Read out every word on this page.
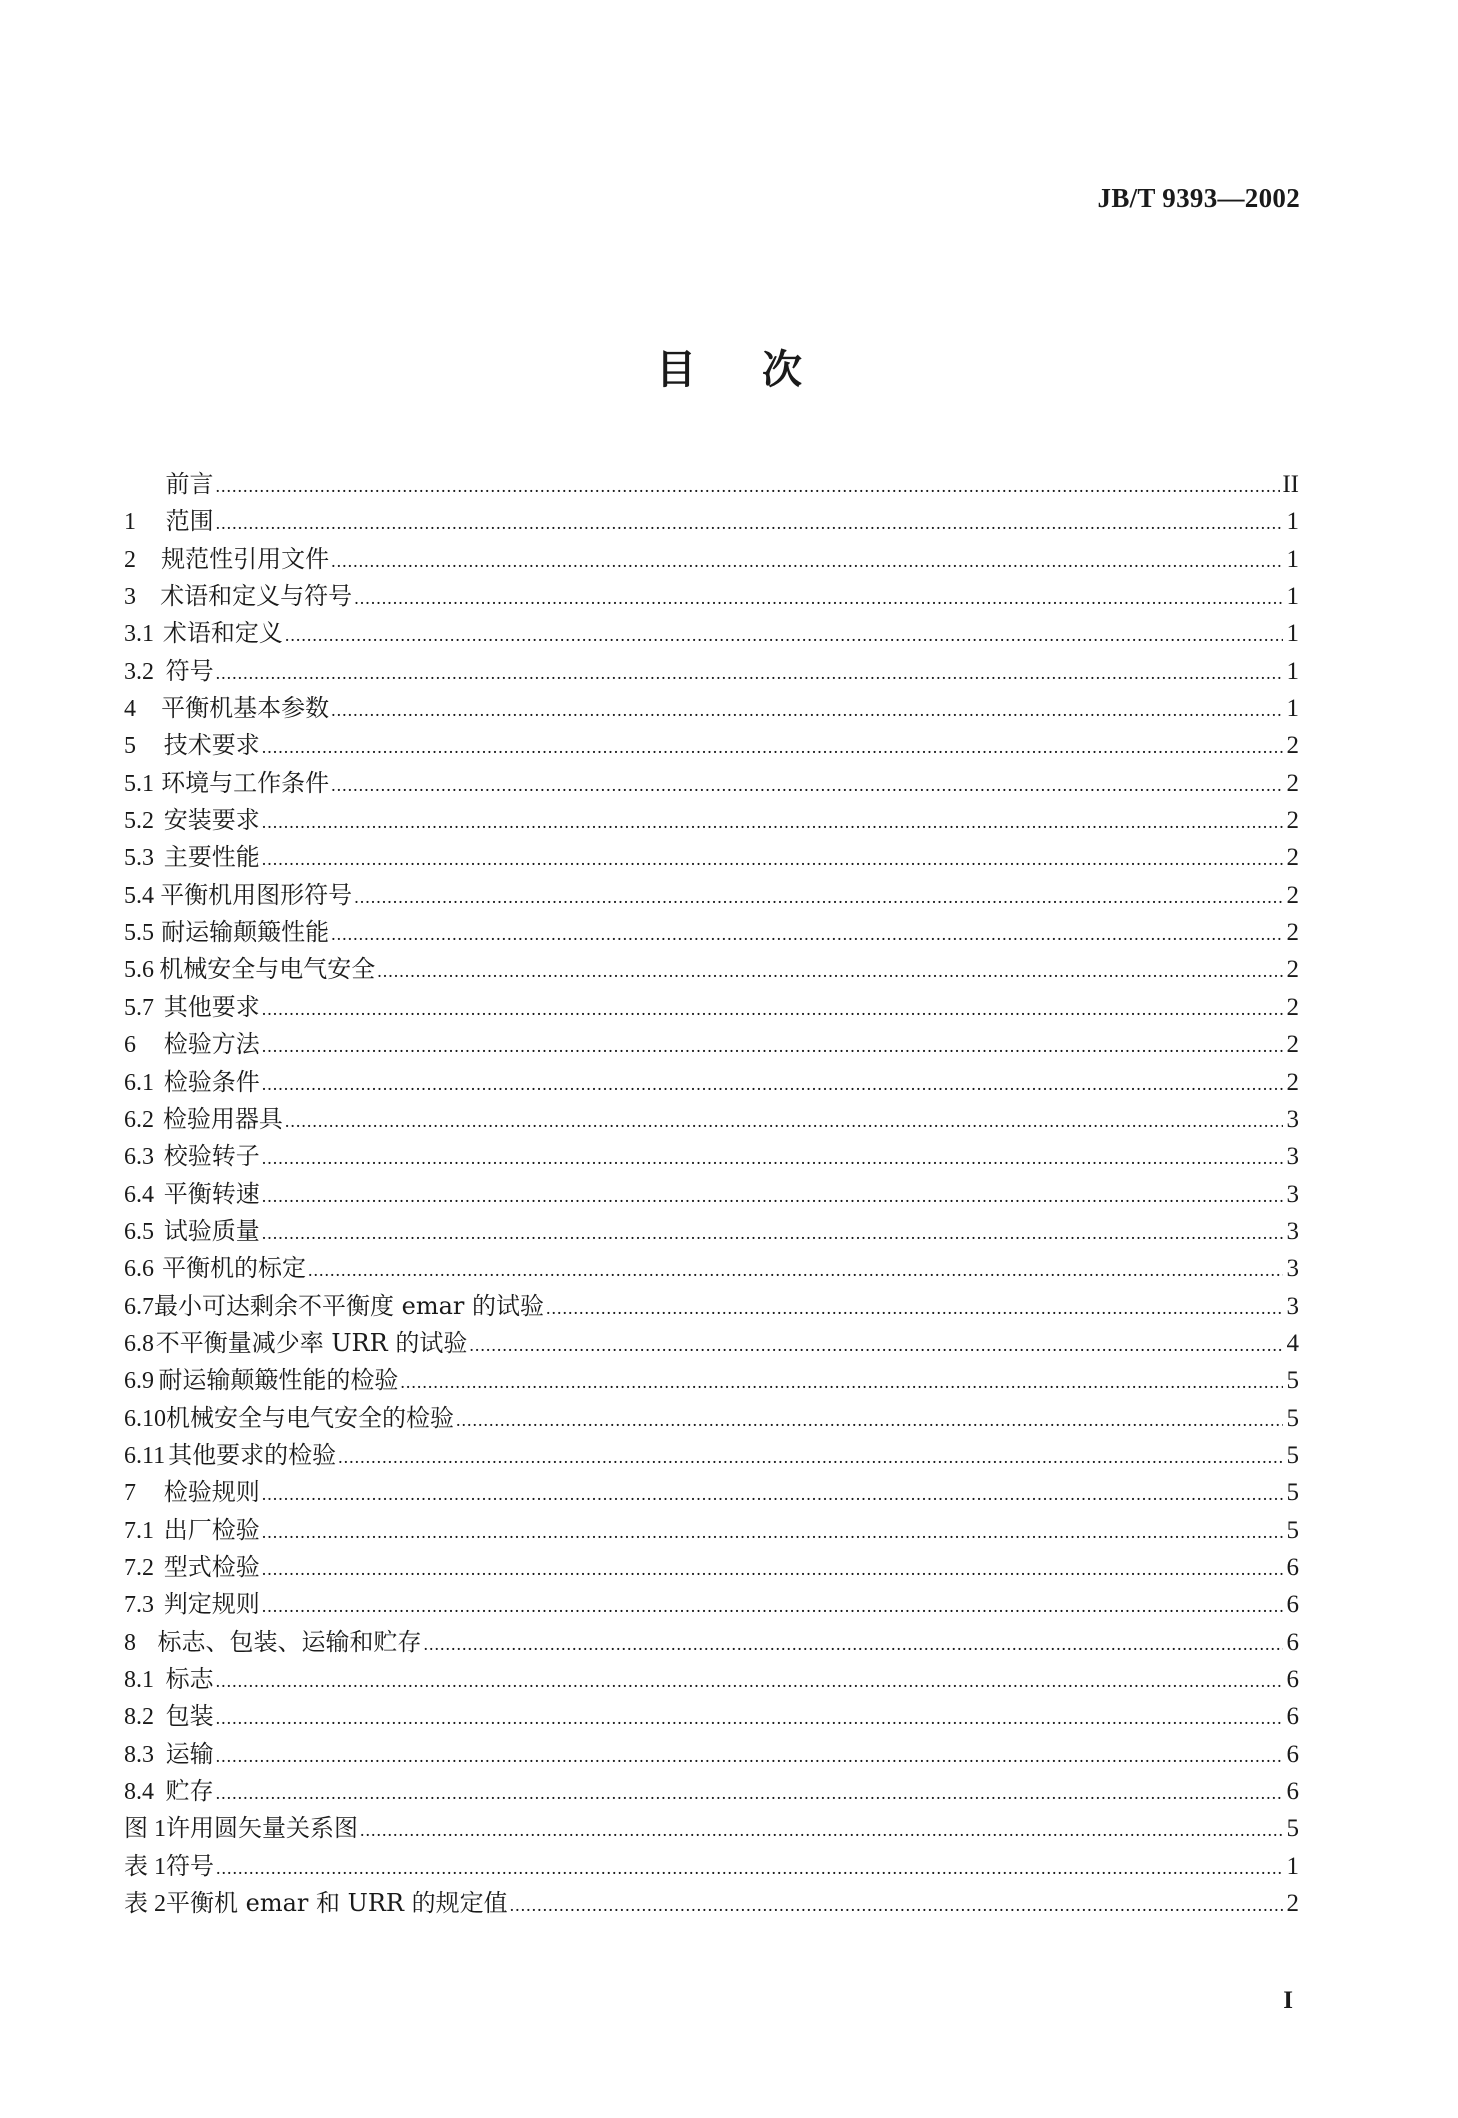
JB/T 9393—2002
目次
前言 .....	II
1	范围 .....	1
2	规范性引用文件 .....	1
3	术语和定义与符号 .....	1
3.1 术语和定义 .....	1
3.2 符号 .....	1
4	平衡机基本参数 .....	1
5	技术要求 .....	2
5.1 环境与工作条件 .....	2
5.2 安装要求 .....	2
5.3 主要性能 .....	2
5.4 平衡机用图形符号 .....	2
5.5 耐运输颠簸性能 .....	2
5.6 机械安全与电气安全 .....	2
5.7 其他要求 .....	2
6	检验方法 .....	2
6.1 检验条件 .....	2
6.2 检验用器具 .....	3
6.3 校验转子 .....	3
6.4 平衡转速 .....	3
6.5 试验质量 .....	3
6.6 平衡机的标定 .....	3
6.7 最小可达剩余不平衡度 emar 的试验 .....	3
6.8 不平衡量减少率 URR 的试验 .....	4
6.9 耐运输颠簸性能的检验 .....	5
6.10 机械安全与电气安全的检验 .....	5
6.11 其他要求的检验 .....	5
7	检验规则 .....	5
7.1 出厂检验 .....	5
7.2 型式检验 .....	6
7.3 判定规则 .....	6
8 标志、包装、运输和贮存 .....	6
8.1 标志 .....	6
8.2 包装 .....	6
8.3 运输 .....	6
8.4 贮存 .....	6
图 1 许用圆矢量关系图 .....	5
表 1 符号 .....	1
表 2 平衡机 emar 和 URR 的规定值 .....	2
I
